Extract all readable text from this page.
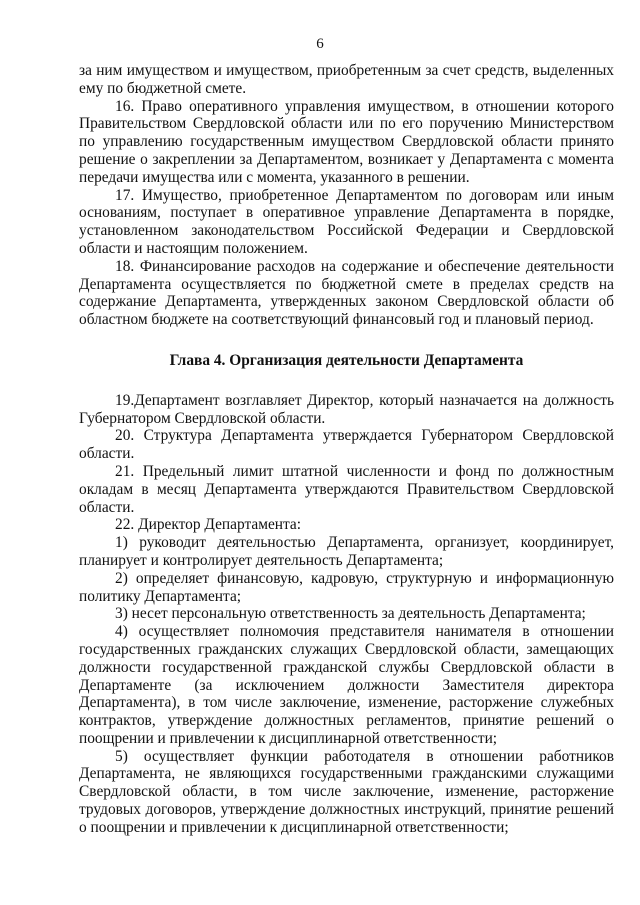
6

за ним имуществом и имуществом, приобретенным за счет средств, выделенных ему по бюджетной смете.

16. Право оперативного управления имуществом, в отношении которого Правительством Свердловской области или по его поручению Министерством по управлению государственным имуществом Свердловской области принято решение о закреплении за Департаментом, возникает у Департамента с момента передачи имущества или с момента, указанного в решении.

17. Имущество, приобретенное Департаментом по договорам или иным основаниям, поступает в оперативное управление Департамента в порядке, установленном законодательством Российской Федерации и Свердловской области и настоящим положением.

18. Финансирование расходов на содержание и обеспечение деятельности Департамента осуществляется по бюджетной смете в пределах средств на содержание Департамента, утвержденных законом Свердловской области об областном бюджете на соответствующий финансовый год и плановый период.

Глава 4. Организация деятельности Департамента

19.Департамент возглавляет Директор, который назначается на должность Губернатором Свердловской области.

20. Структура Департамента утверждается Губернатором Свердловской области.

21. Предельный лимит штатной численности и фонд по должностным окладам в месяц Департамента утверждаются Правительством Свердловской области.

22. Директор Департамента:

1) руководит деятельностью Департамента, организует, координирует, планирует и контролирует деятельность Департамента;

2) определяет финансовую, кадровую, структурную и информационную политику Департамента;

3) несет персональную ответственность за деятельность Департамента;

4) осуществляет полномочия представителя нанимателя в отношении государственных гражданских служащих Свердловской области, замещающих должности государственной гражданской службы Свердловской области в Департаменте (за исключением должности Заместителя директора Департамента), в том числе заключение, изменение, расторжение служебных контрактов, утверждение должностных регламентов, принятие решений о поощрении и привлечении к дисциплинарной ответственности;

5) осуществляет функции работодателя в отношении работников Департамента, не являющихся государственными гражданскими служащими Свердловской области, в том числе заключение, изменение, расторжение трудовых договоров, утверждение должностных инструкций, принятие решений о поощрении и привлечении к дисциплинарной ответственности;
